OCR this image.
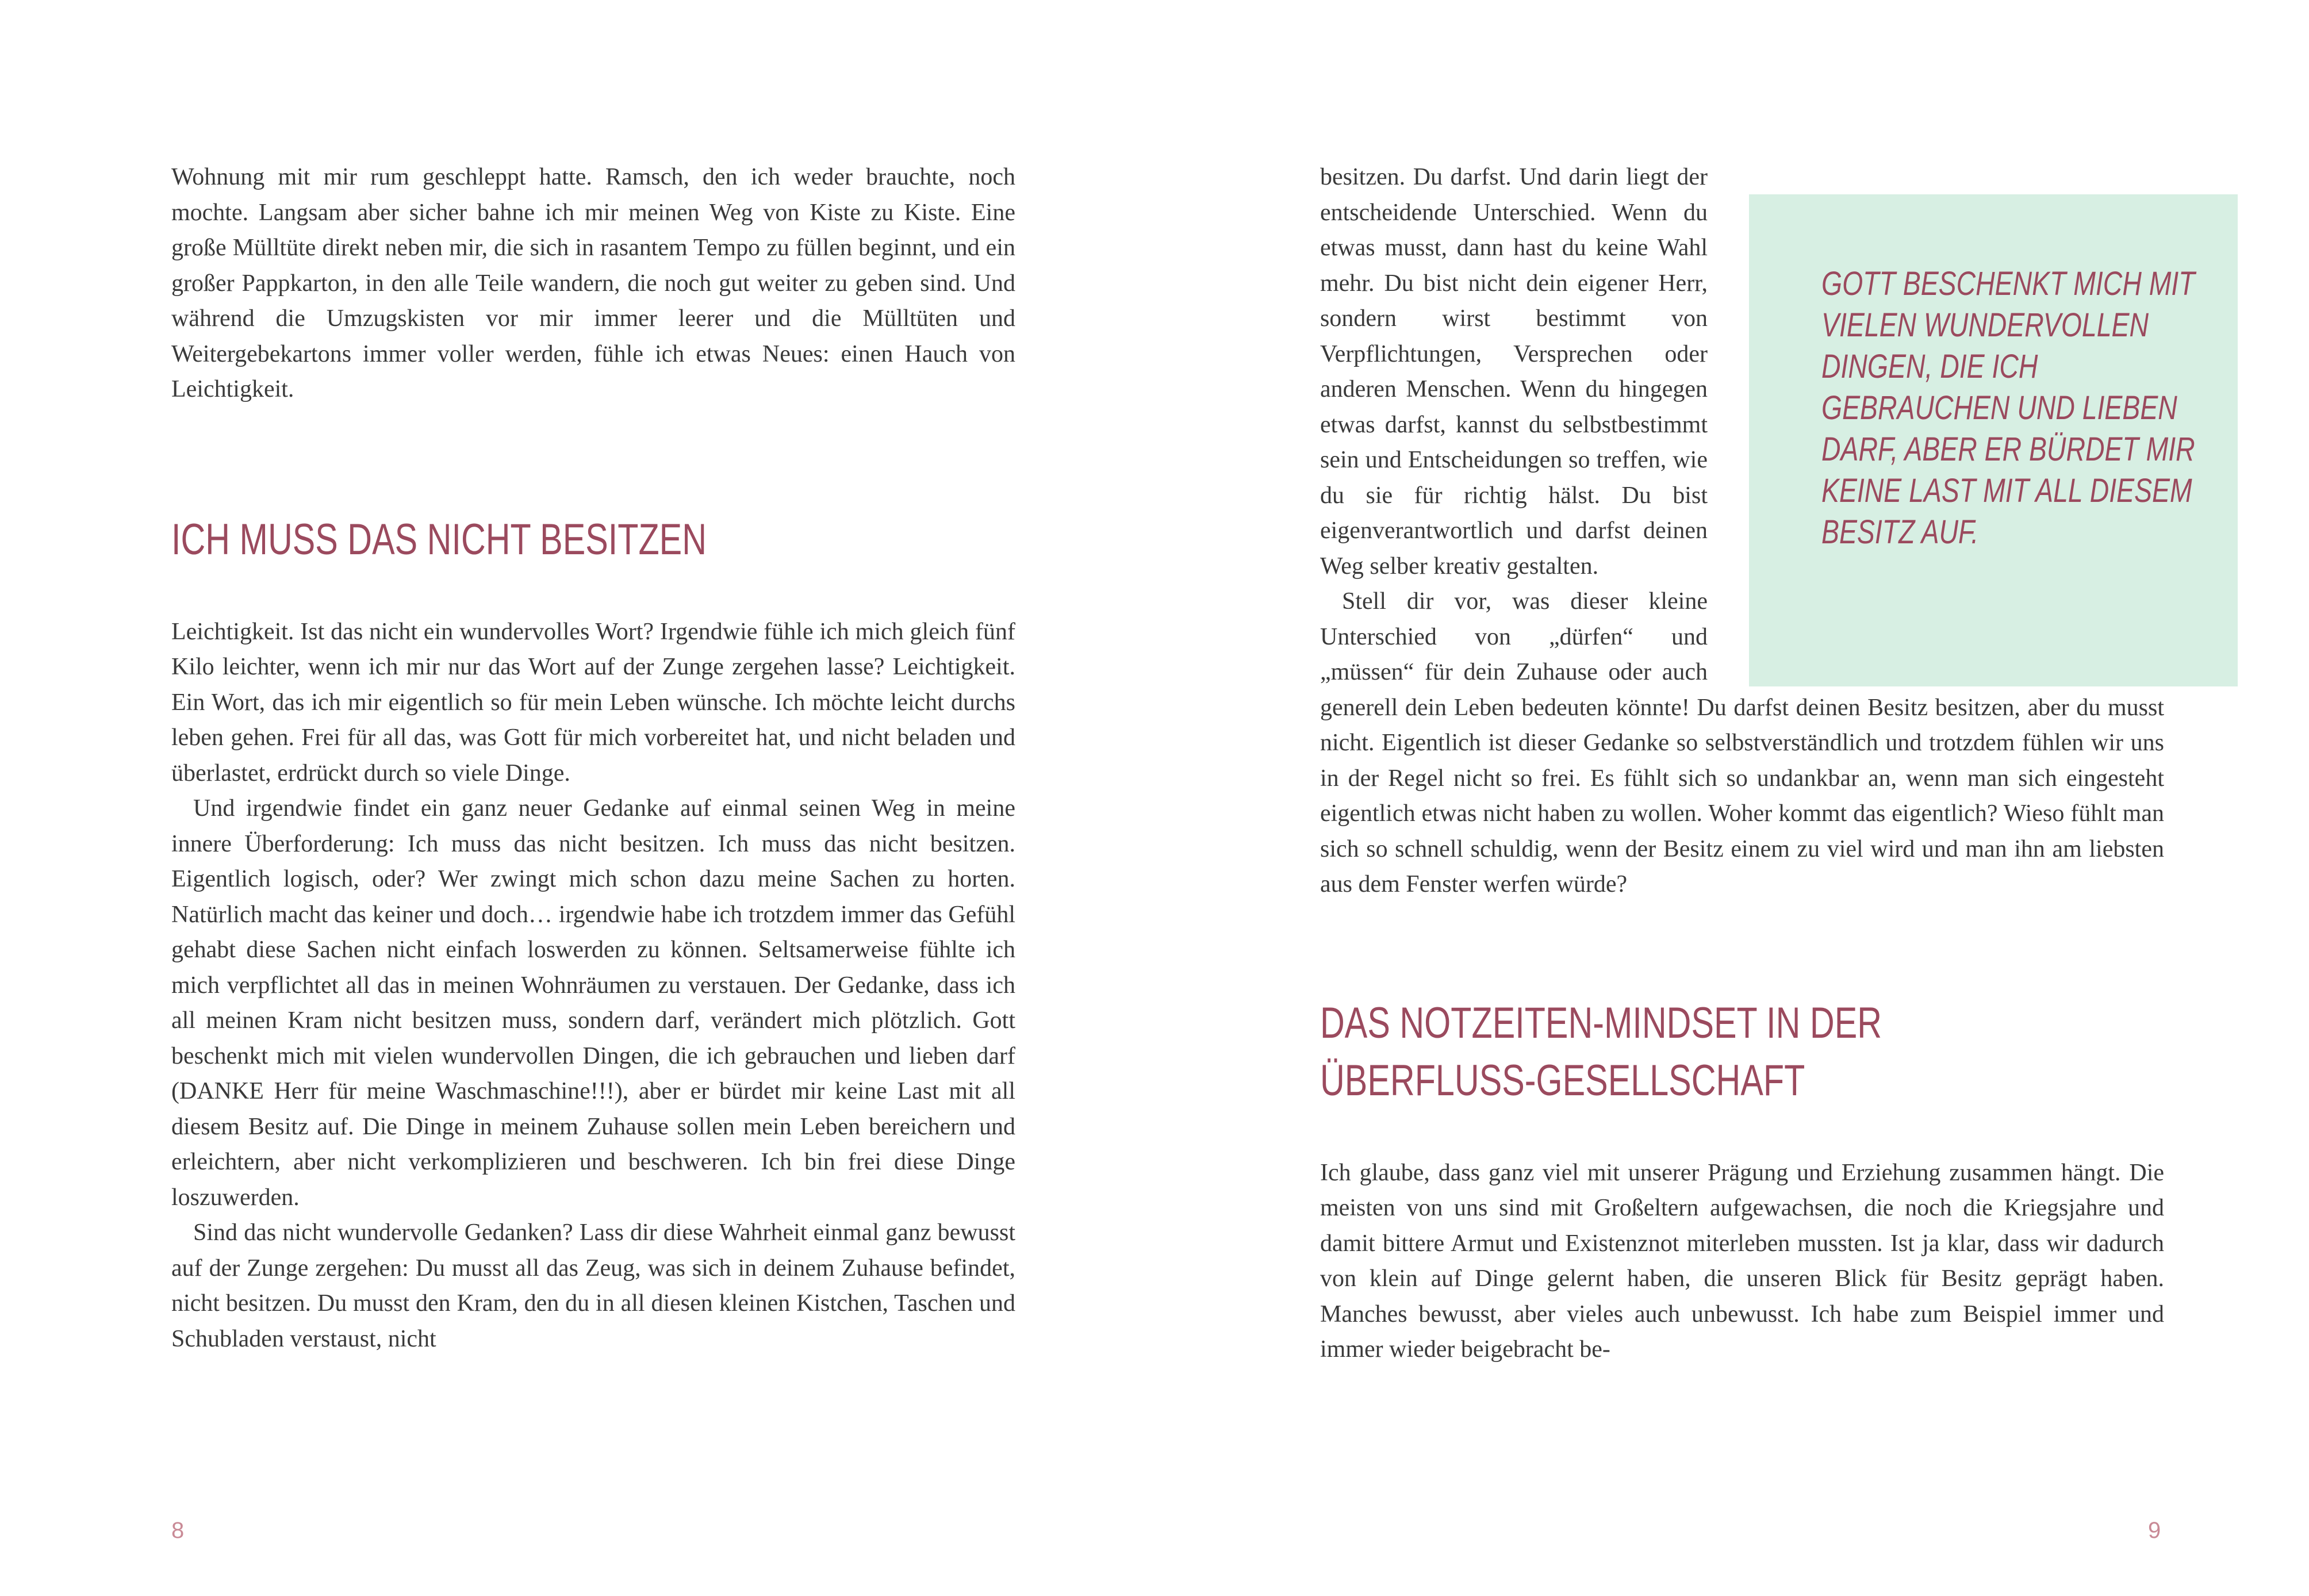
Wohnung mit mir rum geschleppt hatte. Ramsch, den ich weder brauchte, noch mochte. Langsam aber sicher bahne ich mir meinen Weg von Kiste zu Kiste. Eine große Mülltüte direkt neben mir, die sich in rasantem Tempo zu füllen beginnt, und ein großer Pappkarton, in den alle Teile wandern, die noch gut weiter zu geben sind. Und während die Umzugskisten vor mir immer leerer und die Mülltüten und Weitergebekartons immer voller werden, fühle ich etwas Neues: einen Hauch von Leichtigkeit.

ICH MUSS DAS NICHT BESITZEN

Leichtigkeit. Ist das nicht ein wundervolles Wort? Irgendwie fühle ich mich gleich fünf Kilo leichter, wenn ich mir nur das Wort auf der Zunge zergehen lasse? Leichtigkeit. Ein Wort, das ich mir eigentlich so für mein Leben wünsche. Ich möchte leicht durchs leben gehen. Frei für all das, was Gott für mich vorbereitet hat, und nicht beladen und überlastet, erdrückt durch so viele Dinge.

Und irgendwie findet ein ganz neuer Gedanke auf einmal seinen Weg in meine innere Überforderung: Ich muss das nicht besitzen. Ich muss das nicht besitzen. Eigentlich logisch, oder? Wer zwingt mich schon dazu meine Sachen zu horten. Natürlich macht das keiner und doch… irgendwie habe ich trotzdem immer das Gefühl gehabt diese Sachen nicht einfach loswerden zu können. Seltsamerweise fühlte ich mich verpflichtet all das in meinen Wohnräumen zu verstauen. Der Gedanke, dass ich all meinen Kram nicht besitzen muss, sondern darf, verändert mich plötzlich. Gott beschenkt mich mit vielen wundervollen Dingen, die ich gebrauchen und lieben darf (DANKE Herr für meine Waschmaschine!!!), aber er bürdet mir keine Last mit all diesem Besitz auf. Die Dinge in meinem Zuhause sollen mein Leben bereichern und erleichtern, aber nicht verkomplizieren und beschweren. Ich bin frei diese Dinge loszuwerden.

Sind das nicht wundervolle Gedanken? Lass dir diese Wahrheit einmal ganz bewusst auf der Zunge zergehen: Du musst all das Zeug, was sich in deinem Zuhause befindet, nicht besitzen. Du musst den Kram, den du in all diesen kleinen Kistchen, Taschen und Schubladen verstaust, nicht

8
GOTT BESCHENKT MICH MIT VIELEN WUNDERVOLLEN DINGEN, DIE ICH GEBRAUCHEN UND LIEBEN DARF, ABER ER BÜRDET MIR KEINE LAST MIT ALL DIESEM BESITZ AUF.

besitzen. Du darfst. Und darin liegt der entscheidende Unterschied. Wenn du etwas musst, dann hast du keine Wahl mehr. Du bist nicht dein eigener Herr, sondern wirst bestimmt von Verpflichtungen, Versprechen oder anderen Menschen. Wenn du hingegen etwas darfst, kannst du selbstbestimmt sein und Entscheidungen so treffen, wie du sie für richtig hälst. Du bist eigenverantwortlich und darfst deinen Weg selber kreativ gestalten.

Stell dir vor, was dieser kleine Unterschied von „dürfen“ und „müssen“ für dein Zuhause oder auch generell dein Leben bedeuten könnte! Du darfst deinen Besitz besitzen, aber du musst nicht. Eigentlich ist dieser Gedanke so selbstverständlich und trotzdem fühlen wir uns in der Regel nicht so frei. Es fühlt sich so undankbar an, wenn man sich eingesteht eigentlich etwas nicht haben zu wollen. Woher kommt das eigentlich? Wieso fühlt man sich so schnell schuldig, wenn der Besitz einem zu viel wird und man ihn am liebsten aus dem Fenster werfen würde?

DAS NOTZEITEN-MINDSET IN DER
ÜBERFLUSS-GESELLSCHAFT

Ich glaube, dass ganz viel mit unserer Prägung und Erziehung zusammen hängt. Die meisten von uns sind mit Großeltern aufgewachsen, die noch die Kriegsjahre und damit bittere Armut und Existenznot miterleben mussten. Ist ja klar, dass wir dadurch von klein auf Dinge gelernt haben, die unseren Blick für Besitz geprägt haben. Manches bewusst, aber vieles auch unbewusst. Ich habe zum Beispiel immer und immer wieder beigebracht be-

9
